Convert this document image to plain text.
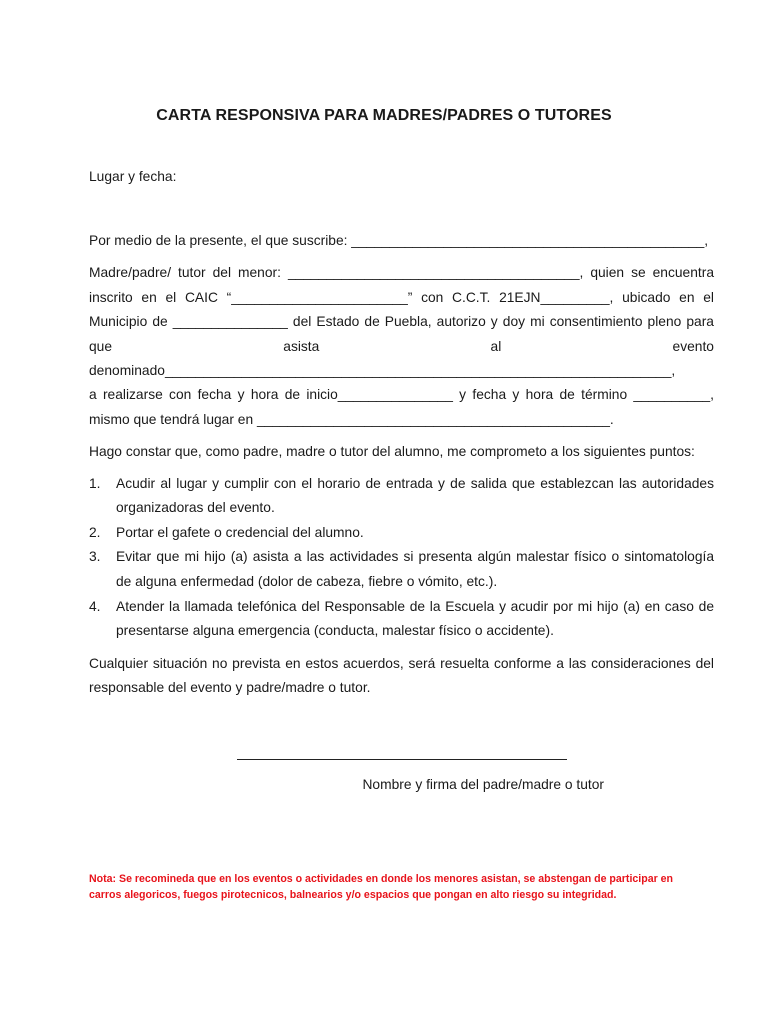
CARTA RESPONSIVA PARA MADRES/PADRES O TUTORES
Lugar y fecha:
Por medio de la presente, el que suscribe: ______________________________________________,
Madre/padre/ tutor del menor: ______________________________________, quien se encuentra
inscrito en el CAIC “_______________________” con C.C.T. 21EJN_________, ubicado en el
Municipio de _______________ del Estado de Puebla, autorizo y doy mi consentimiento pleno para
que	asista	al	evento
denominado__________________________________________________________________,
a realizarse con fecha y hora de inicio_______________ y fecha y hora de término __________,
mismo que tendrá lugar en ______________________________________________.
Hago constar que, como padre, madre o tutor del alumno, me comprometo a los siguientes puntos:
1. Acudir al lugar y cumplir con el horario de entrada y de salida que establezcan las autoridades
organizadoras del evento.
2. Portar el gafete o credencial del alumno.
3. Evitar que mi hijo (a) asista a las actividades si presenta algún malestar físico o sintomatología
de alguna enfermedad (dolor de cabeza, fiebre o vómito, etc.).
4. Atender la llamada telefónica del Responsable de la Escuela y acudir por mi hijo (a) en caso de
presentarse alguna emergencia (conducta, malestar físico o accidente).
Cualquier situación no prevista en estos acuerdos, será resuelta conforme a las consideraciones del
responsable del evento y padre/madre o tutor.
Nombre y firma del padre/madre o tutor
Nota: Se recomineda que en los eventos o actividades en donde los menores asistan, se abstengan de participar en
carros alegoricos, fuegos pirotecnicos, balnearios y/o espacios que pongan en alto riesgo su integridad.
